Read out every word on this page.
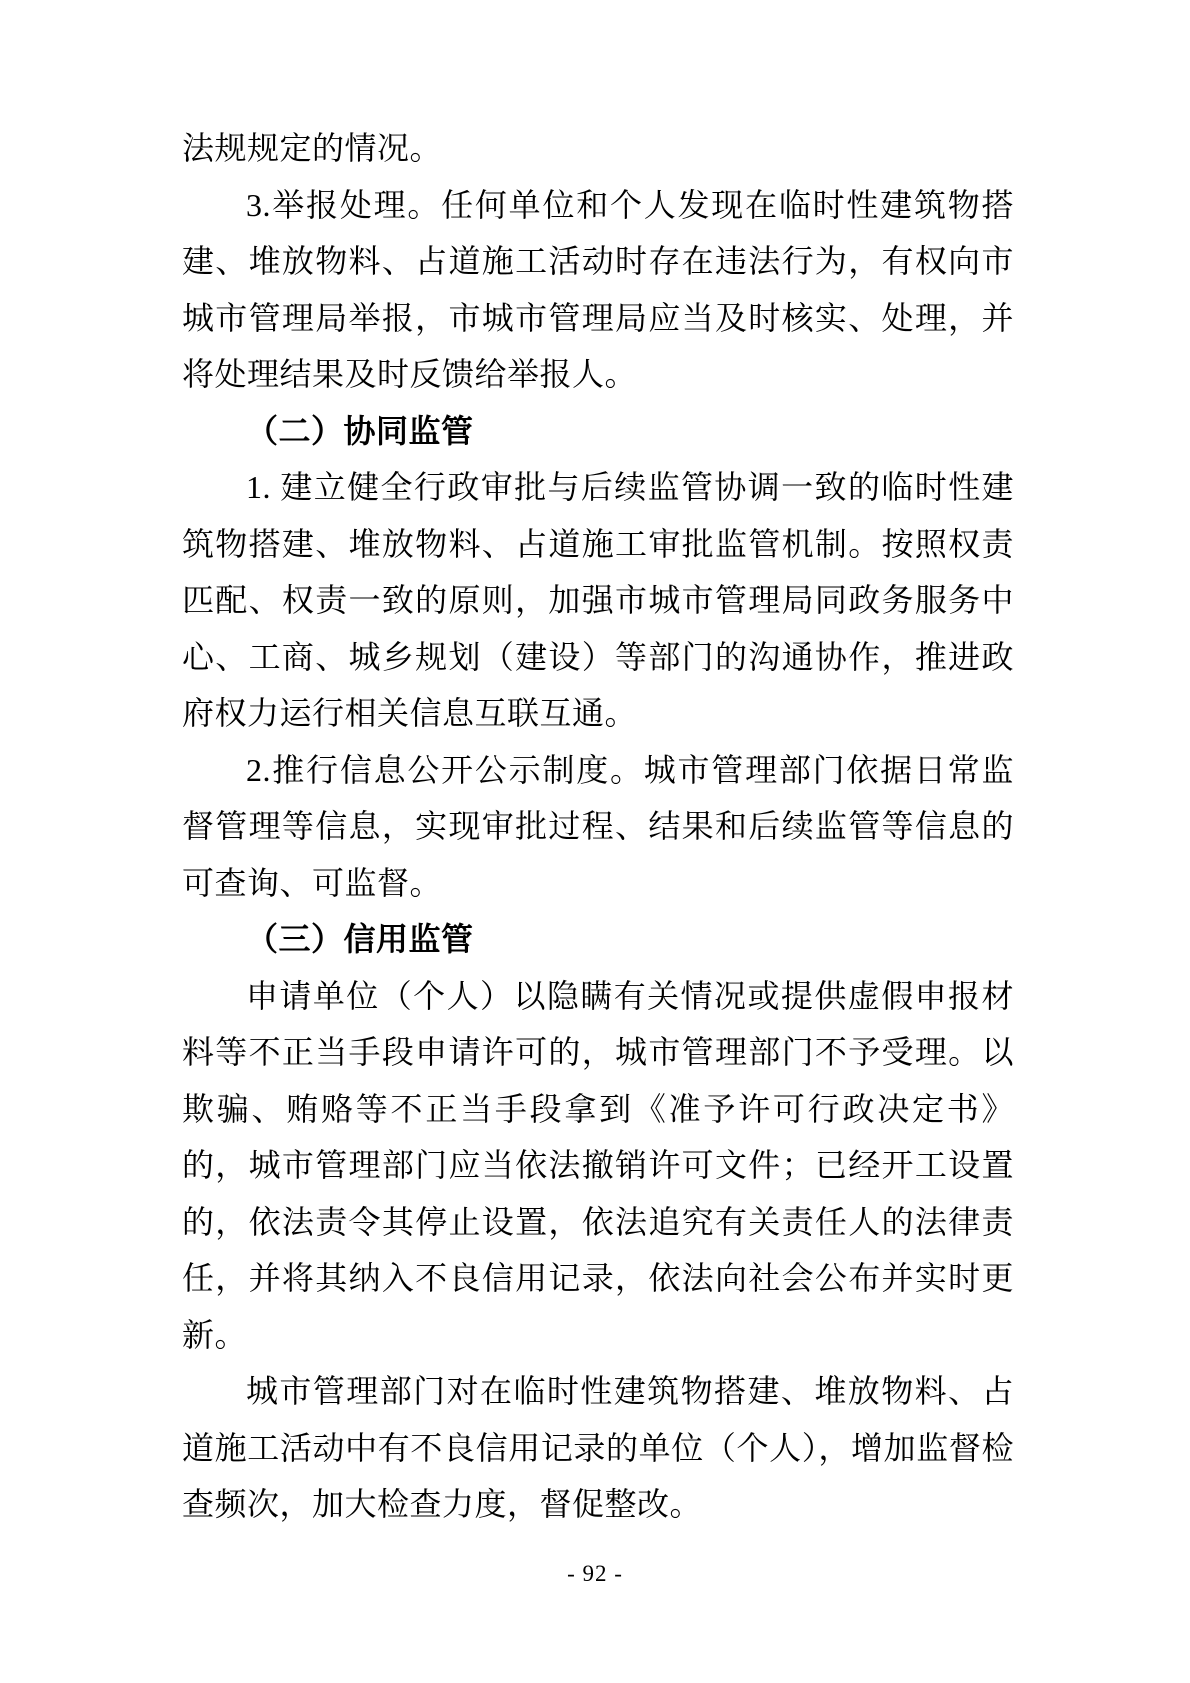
法规规定的情况。

3.举报处理。任何单位和个人发现在临时性建筑物搭建、堆放物料、占道施工活动时存在违法行为，有权向市城市管理局举报，市城市管理局应当及时核实、处理，并将处理结果及时反馈给举报人。

（二）协同监管

1. 建立健全行政审批与后续监管协调一致的临时性建筑物搭建、堆放物料、占道施工审批监管机制。按照权责匹配、权责一致的原则，加强市城市管理局同政务服务中心、工商、城乡规划（建设）等部门的沟通协作，推进政府权力运行相关信息互联互通。

2.推行信息公开公示制度。城市管理部门依据日常监督管理等信息，实现审批过程、结果和后续监管等信息的可查询、可监督。

（三）信用监管

申请单位（个人）以隐瞒有关情况或提供虚假申报材料等不正当手段申请许可的，城市管理部门不予受理。以欺骗、贿赂等不正当手段拿到《准予许可行政决定书》的，城市管理部门应当依法撤销许可文件；已经开工设置的，依法责令其停止设置，依法追究有关责任人的法律责任，并将其纳入不良信用记录，依法向社会公布并实时更新。

城市管理部门对在临时性建筑物搭建、堆放物料、占道施工活动中有不良信用记录的单位（个人），增加监督检查频次，加大检查力度，督促整改。

- 92 -
